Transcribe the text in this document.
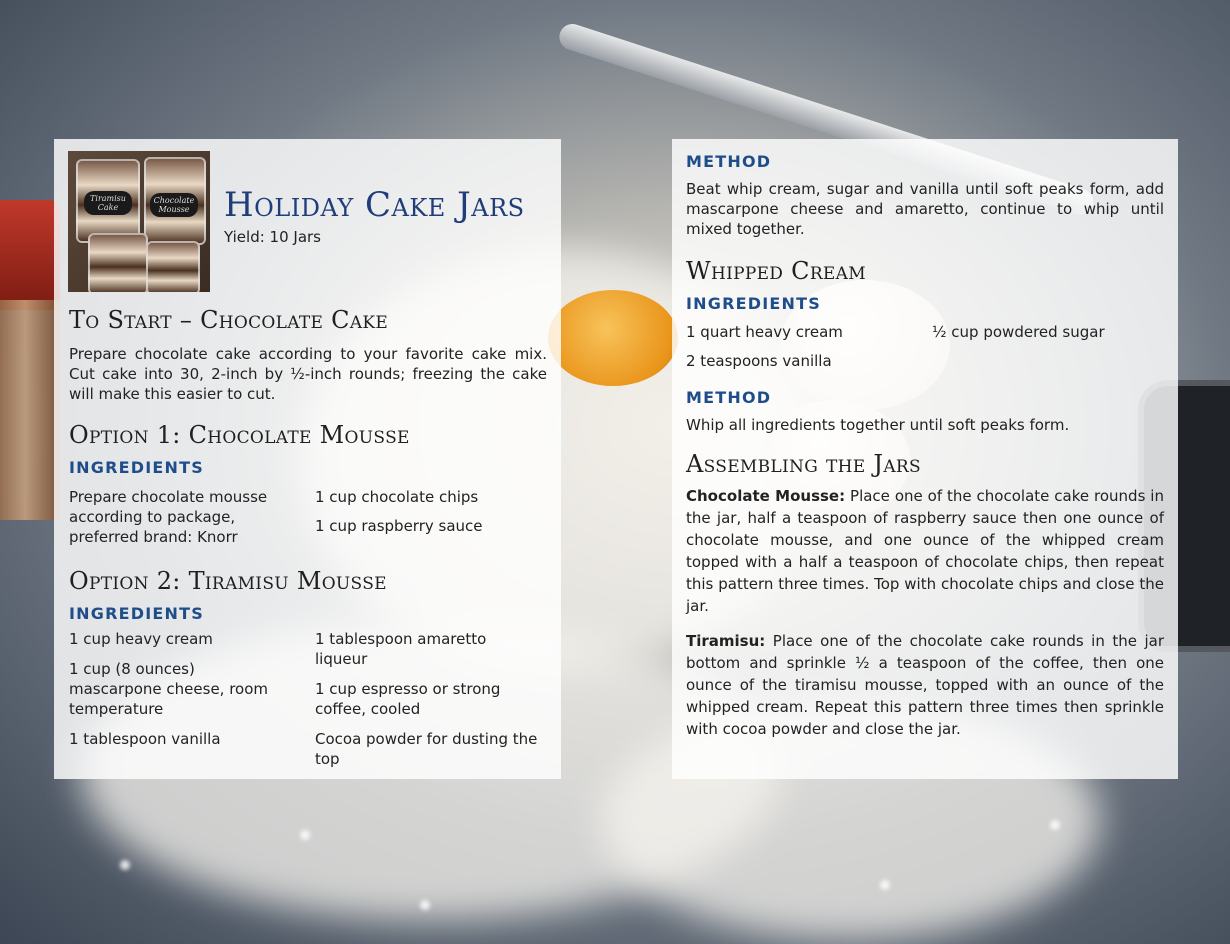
Tiramisu Cake
Chocolate Mousse Holiday Cake Jars
Yield: 10 Jars
To Start – Chocolate Cake
Prepare chocolate cake according to your favorite cake mix. Cut cake into 30, 2-inch by ½-inch rounds; freezing the cake will make this easier to cut.
Option 1: Chocolate Mousse
INGREDIENTS
Prepare chocolate mousse according to package, preferred brand: Knorr
1 cup chocolate chips
1 cup raspberry sauce
Option 2: Tiramisu Mousse
INGREDIENTS
1 cup heavy cream
1 cup (8 ounces) mascarpone cheese, room temperature
1 tablespoon vanilla
1 tablespoon amaretto liqueur
1 cup espresso or strong coffee, cooled
Cocoa powder for dusting the top
METHOD
Beat whip cream, sugar and vanilla until soft peaks form, add mascarpone cheese and amaretto, continue to whip until mixed together.
Whipped Cream
INGREDIENTS
1 quart heavy cream	½ cup powdered sugar
2 teaspoons vanilla
METHOD
Whip all ingredients together until soft peaks form.
Assembling the Jars
Chocolate Mousse: Place one of the chocolate cake rounds in the jar, half a teaspoon of raspberry sauce then one ounce of chocolate mousse, and one ounce of the whipped cream topped with a half a teaspoon of chocolate chips, then repeat this pattern three times. Top with chocolate chips and close the jar.
Tiramisu: Place one of the chocolate cake rounds in the jar bottom and sprinkle ½ a teaspoon of the coffee, then one ounce of the tiramisu mousse, topped with an ounce of the whipped cream. Repeat this pattern three times then sprinkle with cocoa powder and close the jar.
